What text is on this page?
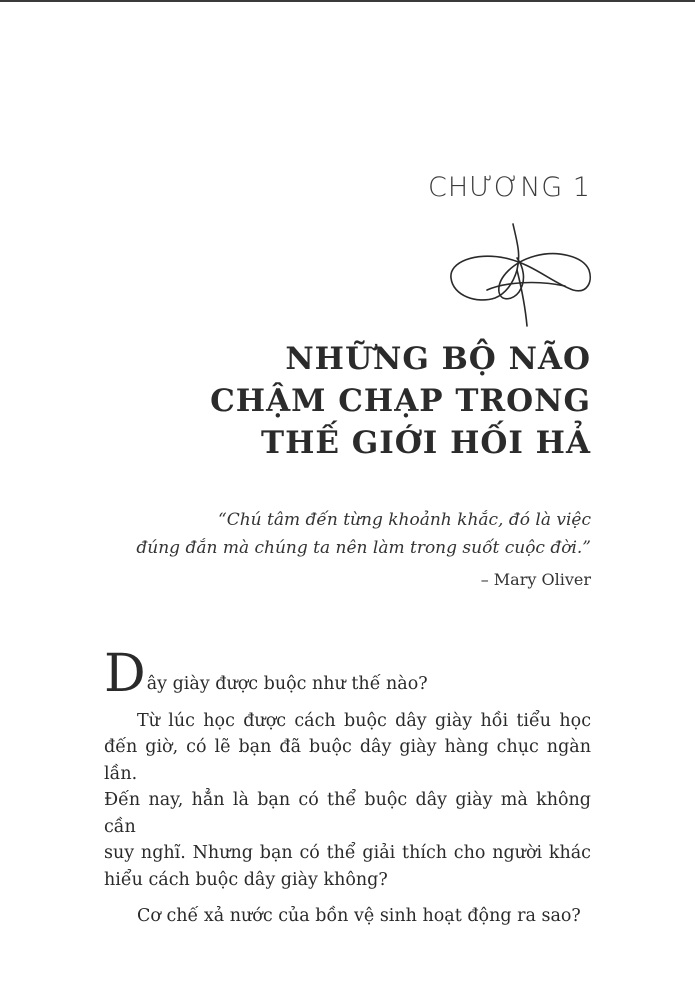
CHƯƠNG 1
NHỮNG BỘ NÃO
CHẬM CHẠP TRONG
THẾ GIỚI HỐI HẢ
“Chú tâm đến từng khoảnh khắc, đó là việc
đúng đắn mà chúng ta nên làm trong suốt cuộc đời.”
– Mary Oliver
Dây giày được buộc như thế nào?
Từ lúc học được cách buộc dây giày hồi tiểu học
đến giờ, có lẽ bạn đã buộc dây giày hàng chục ngàn lần.
Đến nay, hẳn là bạn có thể buộc dây giày mà không cần
suy nghĩ. Nhưng bạn có thể giải thích cho người khác
hiểu cách buộc dây giày không?
Cơ chế xả nước của bồn vệ sinh hoạt động ra sao?
